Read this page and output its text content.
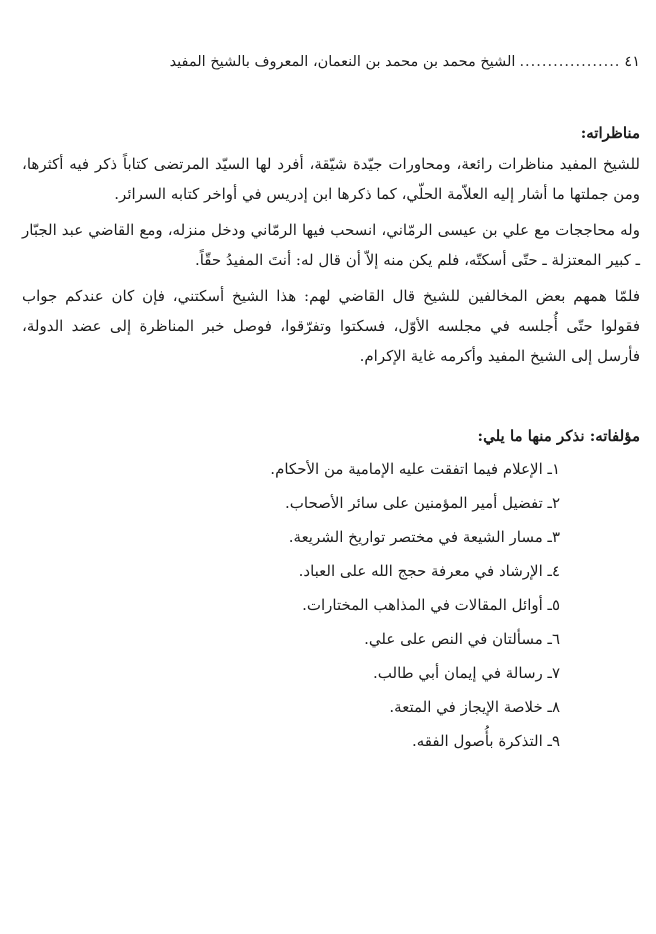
٤١
..................
الشيخ محمد بن محمد بن النعمان، المعروف بالشيخ المفيد

مناظراته:

للشيخ المفيد مناظرات رائعة، ومحاورات جيّدة شيّقة، أفرد لها السيّد المرتضى كتاباً ذكر فيه أكثرها، ومن جملتها ما أشار إليه العلاّمة الحلّي، كما ذكرها ابن إدريس في أواخر كتابه السرائر.

وله محاججات مع علي بن عيسى الرمّاني، انسحب فيها الرمّاني ودخل منزله، ومع القاضي عبد الجبّار ـ كبير المعتزلة ـ حتّى أسكتّه، فلم يكن منه إلاّ أن قال له: أنتَ المفيدُ حقّاً.

فلمّا همهم بعض المخالفين للشيخ قال القاضي لهم: هذا الشيخ أسكتني، فإن كان عندكم جواب فقولوا حتّى أُجلسه في مجلسه الأوّل، فسكتوا وتفرّقوا، فوصل خبر المناظرة إلى عضد الدولة، فأرسل إلى الشيخ المفيد وأكرمه غاية الإكرام.

مؤلفاته: نذكر منها ما يلي:

١ـ الإعلام فيما اتفقت عليه الإمامية من الأحكام.
٢ـ تفضيل أمير المؤمنين على سائر الأصحاب.
٣ـ مسار الشيعة في مختصر تواريخ الشريعة.
٤ـ الإرشاد في معرفة حجج الله على العباد.
٥ـ أوائل المقالات في المذاهب المختارات.
٦ـ مسألتان في النص على علي.
٧ـ رسالة في إيمان أبي طالب.
٨ـ خلاصة الإيجاز في المتعة.
٩ـ التذكرة بأُصول الفقه.
